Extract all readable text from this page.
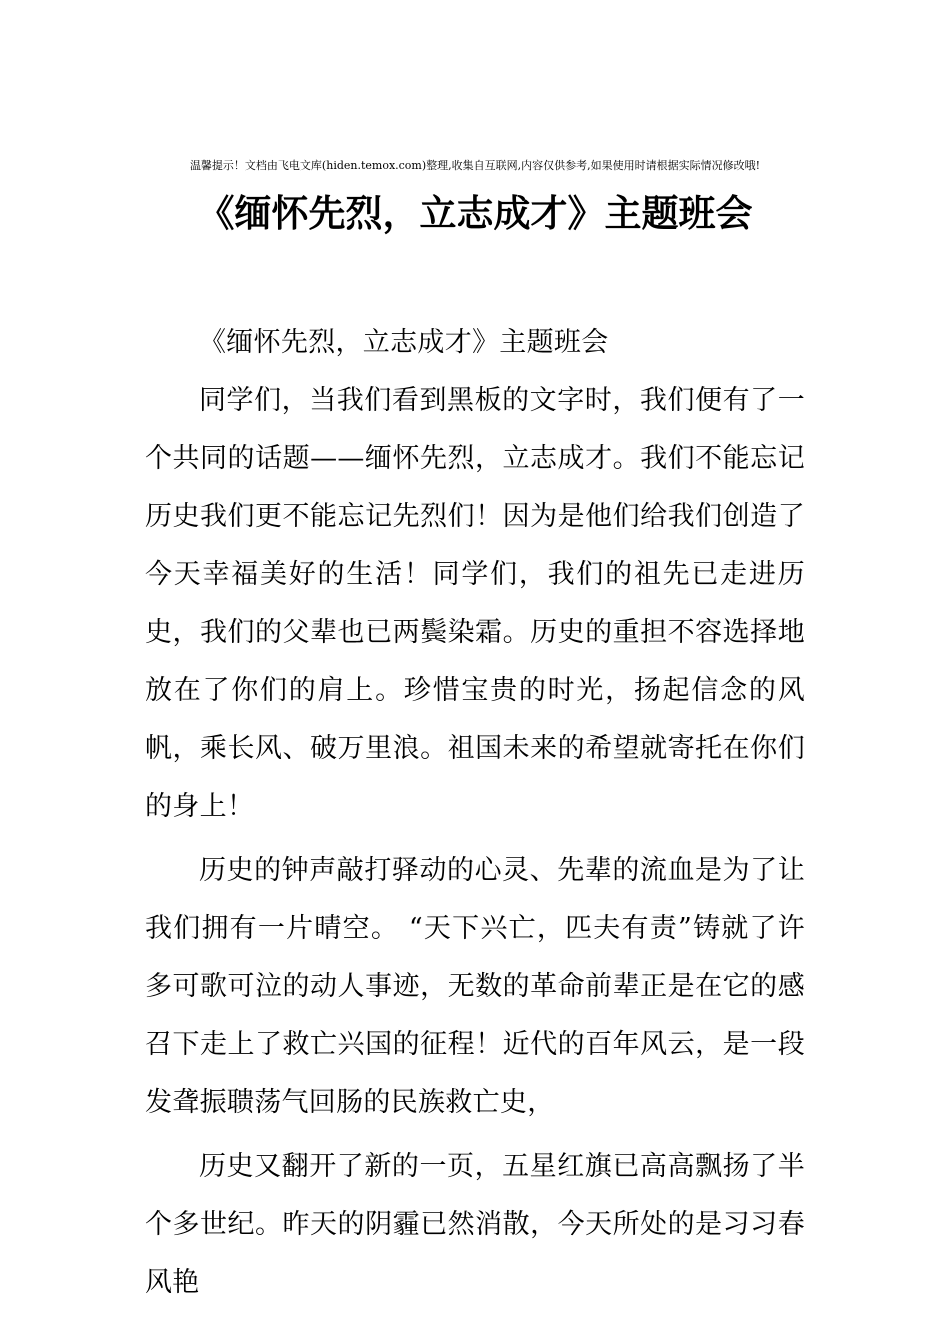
温馨提示！文档由飞电文库(hiden.temox.com)整理,收集自互联网,内容仅供参考,如果使用时请根据实际情况修改哦!
《缅怀先烈，立志成才》主题班会

《缅怀先烈，立志成才》主题班会

同学们，当我们看到黑板的文字时，我们便有了一个共同的话题——缅怀先烈，立志成才。我们不能忘记历史我们更不能忘记先烈们！因为是他们给我们创造了今天幸福美好的生活！同学们，我们的祖先已走进历史，我们的父辈也已两鬓染霜。历史的重担不容选择地放在了你们的肩上。珍惜宝贵的时光，扬起信念的风帆，乘长风、破万里浪。祖国未来的希望就寄托在你们的身上！

历史的钟声敲打驿动的心灵、先辈的流血是为了让我们拥有一片晴空。 “天下兴亡，匹夫有责”铸就了许多可歌可泣的动人事迹，无数的革命前辈正是在它的感召下走上了救亡兴国的征程！近代的百年风云，是一段发聋振聩荡气回肠的民族救亡史，

历史又翻开了新的一页，五星红旗已高高飘扬了半个多世纪。昨天的阴霾已然消散，今天所处的是习习春风艳
